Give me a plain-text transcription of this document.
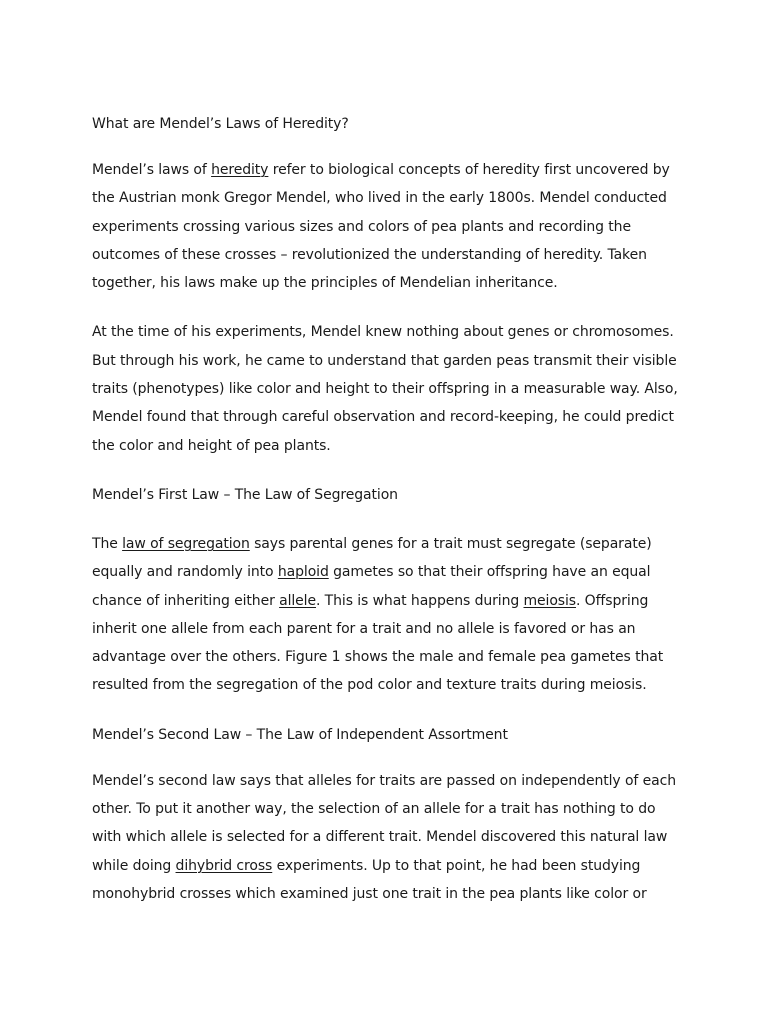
What are Mendel’s Laws of Heredity?

Mendel’s laws of heredity refer to biological concepts of heredity first uncovered by the Austrian monk Gregor Mendel, who lived in the early 1800s. Mendel conducted experiments crossing various sizes and colors of pea plants and recording the outcomes of these crosses – revolutionized the understanding of heredity. Taken together, his laws make up the principles of Mendelian inheritance.

At the time of his experiments, Mendel knew nothing about genes or chromosomes. But through his work, he came to understand that garden peas transmit their visible traits (phenotypes) like color and height to their offspring in a measurable way. Also, Mendel found that through careful observation and record-keeping, he could predict the color and height of pea plants.

Mendel’s First Law – The Law of Segregation

The law of segregation says parental genes for a trait must segregate (separate) equally and randomly into haploid gametes so that their offspring have an equal chance of inheriting either allele. This is what happens during meiosis. Offspring inherit one allele from each parent for a trait and no allele is favored or has an advantage over the others. Figure 1 shows the male and female pea gametes that resulted from the segregation of the pod color and texture traits during meiosis.

Mendel’s Second Law – The Law of Independent Assortment

Mendel’s second law says that alleles for traits are passed on independently of each other. To put it another way, the selection of an allele for a trait has nothing to do with which allele is selected for a different trait. Mendel discovered this natural law while doing dihybrid cross experiments. Up to that point, he had been studying monohybrid crosses which examined just one trait in the pea plants like color or
